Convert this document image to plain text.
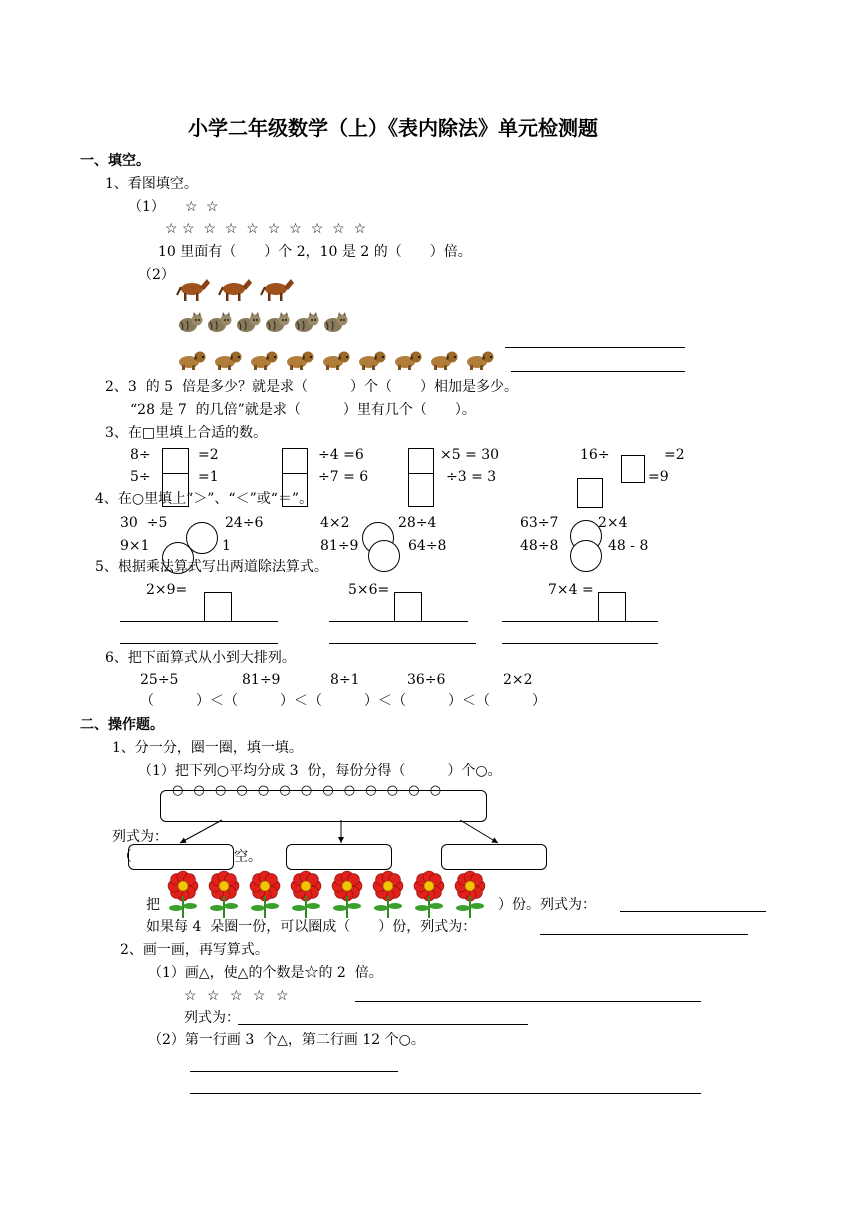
小学二年级数学（上）《表内除法》单元检测题
一、填空。
1、看图填空。
（1） ☆ ☆
☆ ☆  ☆  ☆  ☆  ☆  ☆  ☆  ☆  ☆
10 里面有（　　）个 2，10 是 2 的（　　）倍。
（2）
2、3  的 5  倍是多少？就是求（　　　）个（　　）相加是多少。
“28 是 7  的几倍”就是求（　　　）里有几个（　　）。
3、在□里填上合适的数。
8÷	=2	÷4 =6	×5 = 30	16÷	=2
5÷	=1	÷7 = 6	÷3 = 3	=9
4、在○里填上“＞”、“＜”或“＝”。
30  ÷5	24÷6	4×2	28÷4	63÷7	2×4
9×1	1	81÷9	64÷8	48÷8	48 - 8
5、根据乘法算式写出两道除法算式。
2×9=	5×6=	7×4 =
6、把下面算式从小到大排列。
25÷5	81÷9	8÷1	36÷6	2×2
（　　　）＜（　　　）＜（　　　）＜（　　　）＜（　　　）
二、操作题。
1、分一分，圈一圈，填一填。
（1）把下列○平均分成 3  份，每份分得（　　　）个○。
○ ○ ○ ○ ○ ○ ○ ○ ○ ○ ○ ○ ○
列式为：
（	空。
把	）份。列式为：
如果每 4  朵圈一份，可以圈成（　　）份，列式为：
2、画一画，再写算式。
（1）画△，使△的个数是☆的 2  倍。
☆ ☆ ☆ ☆ ☆
列式为：
（2）第一行画 3  个△，第二行画 12 个○。
